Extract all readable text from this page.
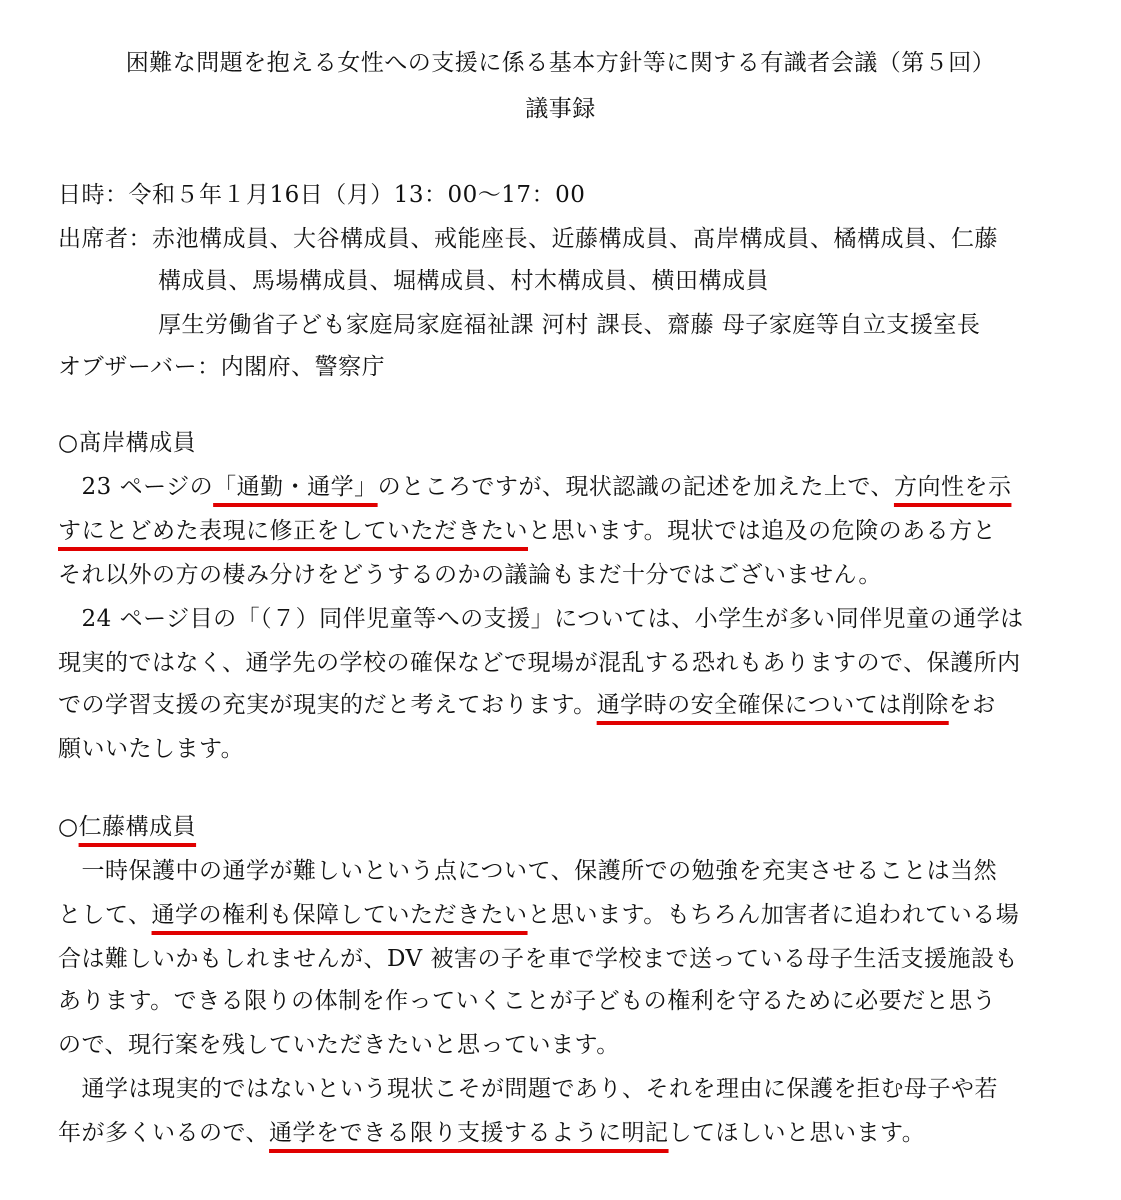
困難な問題を抱える女性への支援に係る基本方針等に関する有識者会議（第５回）
議事録
日時：令和５年１月16日（月）13：00～17：00
出席者：赤池構成員、大谷構成員、戒能座長、近藤構成員、髙岸構成員、橘構成員、仁藤
構成員、馬場構成員、堀構成員、村木構成員、横田構成員
厚生労働省子ども家庭局家庭福祉課 河村 課長、齋藤 母子家庭等自立支援室長
オブザーバー：内閣府、警察庁
○髙岸構成員
　23 ページの「通勤・通学」のところですが、現状認識の記述を加えた上で、方向性を示
すにとどめた表現に修正をしていただきたいと思います。現状では追及の危険のある方と
それ以外の方の棲み分けをどうするのかの議論もまだ十分ではございません。
　24 ページ目の「（７）同伴児童等への支援」については、小学生が多い同伴児童の通学は
現実的ではなく、通学先の学校の確保などで現場が混乱する恐れもありますので、保護所内
での学習支援の充実が現実的だと考えております。通学時の安全確保については削除をお
願いいたします。
○仁藤構成員
　一時保護中の通学が難しいという点について、保護所での勉強を充実させることは当然
として、通学の権利も保障していただきたいと思います。もちろん加害者に追われている場
合は難しいかもしれませんが、DV 被害の子を車で学校まで送っている母子生活支援施設も
あります。できる限りの体制を作っていくことが子どもの権利を守るために必要だと思う
ので、現行案を残していただきたいと思っています。
　通学は現実的ではないという現状こそが問題であり、それを理由に保護を拒む母子や若
年が多くいるので、通学をできる限り支援するように明記してほしいと思います。
